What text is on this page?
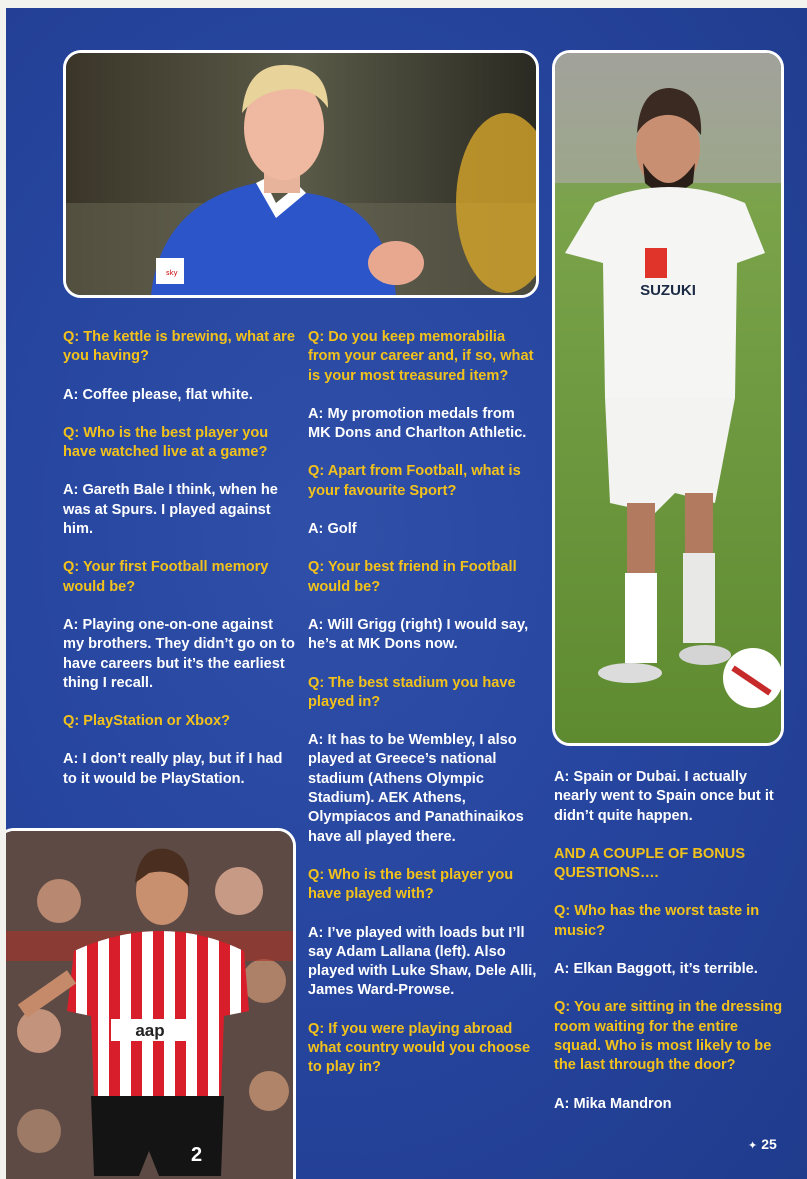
sky
SUZUKI
aap
2

Q: The kettle is brewing, what are you having?

A: Coffee please, flat white.

Q: Who is the best player you have watched live at a game?

A: Gareth Bale I think, when he was at Spurs. I played against him.

Q: Your first Football memory would be?

A: Playing one-on-one against my brothers. They didn’t go on to have careers but it’s the earliest thing I recall.

Q: PlayStation or Xbox?

A: I don’t really play, but if I had to it would be PlayStation.

Q: Do you keep memorabilia from your career and, if so, what is your most treasured item?

A: My promotion medals from MK Dons and Charlton Athletic.

Q: Apart from Football, what is your favourite Sport?

A: Golf

Q: Your best friend in Football would be?

A: Will Grigg (right) I would say, he’s at MK Dons now.

Q: The best stadium you have played in?

A: It has to be Wembley, I also played at Greece’s national stadium (Athens Olympic Stadium). AEK Athens, Olympiacos and Panathinaikos have all played there.

Q: Who is the best player you have played with?

A: I’ve played with loads but I’ll say Adam Lallana (left). Also played with Luke Shaw, Dele Alli, James Ward-Prowse.

Q: If you were playing abroad what country would you choose to play in?

A: Spain or Dubai. I actually nearly went to Spain once but it didn’t quite happen.

AND A COUPLE OF BONUS QUESTIONS….

Q: Who has the worst taste in music?

A: Elkan Baggott, it’s terrible.

Q: You are sitting in the dressing room waiting for the entire squad. Who is most likely to be the last through the door?

A: Mika Mandron

✦ 25
